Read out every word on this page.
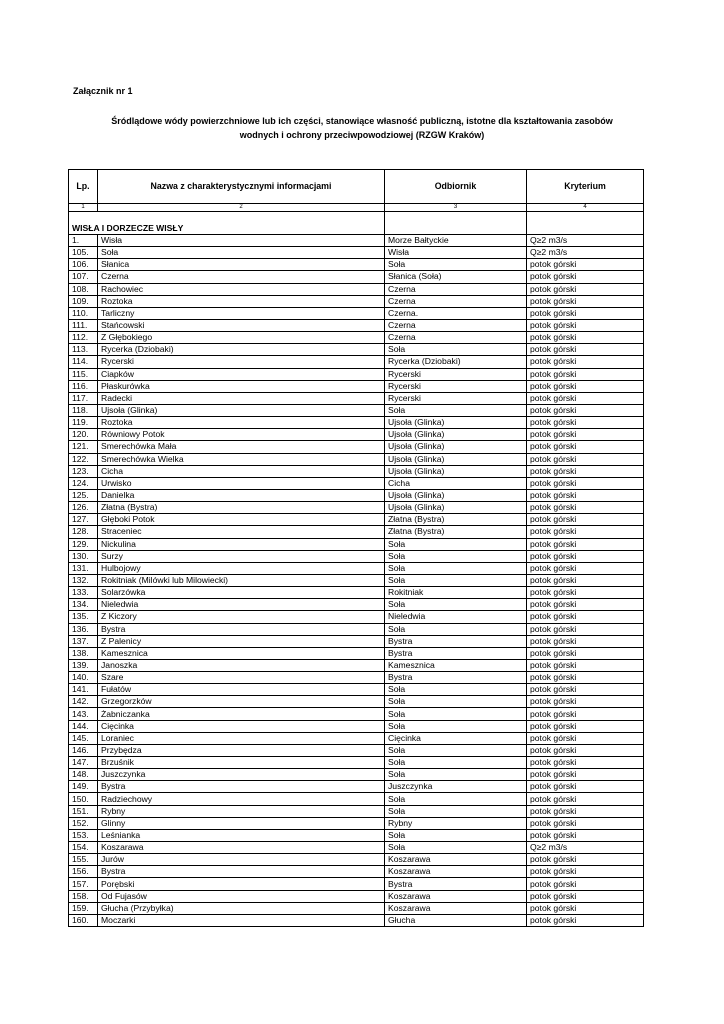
Załącznik nr 1
Śródlądowe wódy powierzchniowe lub ich części, stanowiące własność publiczną, istotne dla kształtowania zasobów
wodnych i ochrony przeciwpowodziowej (RZGW Kraków)
Lp.	Nazwa z charakterystycznymi informacjami	Odbiornik	Kryterium
1	2	3	4
WISŁA I DORZECZE WISŁY			
1.	Wisła	Morze Bałtyckie	Q≥2 m3/s
105.	Soła	Wisła	Q≥2 m3/s
106.	Słanica	Soła	potok górski
107.	Czerna	Słanica (Soła)	potok górski
108.	Rachowiec	Czerna	potok górski
109.	Roztoka	Czerna	potok górski
110.	Tarliczny	Czerna.	potok górski
111.	Stańcowski	Czerna	potok górski
112.	Z Głębokiego	Czerna	potok górski
113.	Rycerka (Dziobaki)	Soła	potok górski
114.	Rycerski	Rycerka (Dziobaki)	potok górski
115.	Ciapków	Rycerski	potok górski
116.	Płaskurówka	Rycerski	potok górski
117.	Radecki	Rycerski	potok górski
118.	Ujsoła (Glinka)	Soła	potok górski
119.	Roztoka	Ujsoła (Glinka)	potok górski
120.	Równiowy Potok	Ujsoła (Glinka)	potok górski
121.	Smerechówka Mała	Ujsoła (Glinka)	potok górski
122.	Smerechówka Wielka	Ujsoła (Glinka)	potok górski
123.	Cicha	Ujsoła (Glinka)	potok górski
124.	Urwisko	Cicha	potok górski
125.	Danielka	Ujsoła (Glinka)	potok górski
126.	Złatna (Bystra)	Ujsoła (Glinka)	potok górski
127.	Głęboki Potok	Złatna (Bystra)	potok górski
128.	Straceniec	Złatna (Bystra)	potok górski
129.	Nickulina	Soła	potok górski
130.	Surzy	Soła	potok górski
131.	Hulbojowy	Soła	potok górski
132.	Rokitniak (Milówki lub Milowiecki)	Soła	potok górski
133.	Solarzówka	Rokitniak	potok górski
134.	Nieledwia	Soła	potok górski
135.	Z Kiczory	Nieledwia	potok górski
136.	Bystra	Soła	potok górski
137.	Z Palenicy	Bystra	potok górski
138.	Kamesznica	Bystra	potok górski
139.	Janoszka	Kamesznica	potok górski
140.	Szare	Bystra	potok górski
141.	Fułatów	Soła	potok górski
142.	Grzegorzków	Soła	potok górski
143.	Żabniczanka	Soła	potok górski
144.	Cięcinka	Soła	potok górski
145.	Loraniec	Cięcinka	potok górski
146.	Przybędza	Soła	potok górski
147.	Brzuśnik	Soła	potok górski
148.	Juszczynka	Soła	potok górski
149.	Bystra	Juszczynka	potok górski
150.	Radziechowy	Soła	potok górski
151.	Rybny	Soła	potok górski
152.	Glinny	Rybny	potok górski
153.	Leśnianka	Soła	potok górski
154.	Koszarawa	Soła	Q≥2 m3/s
155.	Jurów	Koszarawa	potok górski
156.	Bystra	Koszarawa	potok górski
157.	Porębski	Bystra	potok górski
158.	Od Fujasów	Koszarawa	potok górski
159.	Głucha (Przybyłka)	Koszarawa	potok górski
160.	Moczarki	Głucha	potok górski
